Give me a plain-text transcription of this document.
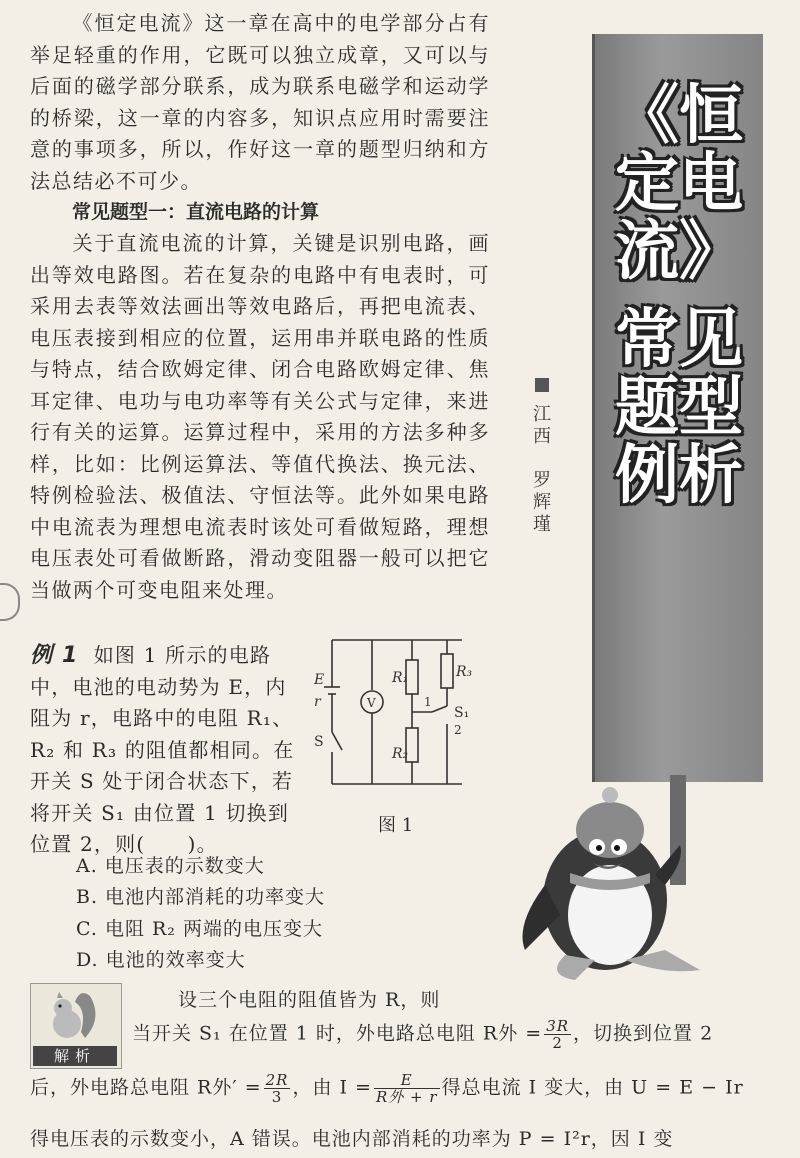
《恒定电流》这一章在高中的电学部分占有举足轻重的作用，它既可以独立成章，又可以与后面的磁学部分联系，成为联系电磁学和运动学的桥梁，这一章的内容多，知识点应用时需要注意的事项多，所以，作好这一章的题型归纳和方法总结必不可少。

常见题型一：直流电路的计算

关于直流电流的计算，关键是识别电路，画出等效电路图。若在复杂的电路中有电表时，可采用去表等效法画出等效电路后，再把电流表、电压表接到相应的位置，运用串并联电路的性质与特点，结合欧姆定律、闭合电路欧姆定律、焦耳定律、电功与电功率等有关公式与定律，来进行有关的运算。运算过程中，采用的方法多种多样，比如：比例运算法、等值代换法、换元法、特例检验法、极值法、守恒法等。此外如果电路中电流表为理想电流表时该处可看做短路，理想电压表处可看做断路，滑动变阻器一般可以把它当做两个可变电阻来处理。

《恒
定电
流》
常见
题型
例析
江
西
罗
辉
瑾

例 1 如图 1 所示的电路中，电池的电动势为 E，内阻为 r，电路中的电阻 R₁、R₂ 和 R₃ 的阻值都相同。在开关 S 处于闭合状态下，若将开关 S₁ 由位置 1 切换到位置 2，则(　　)。

A. 电压表的示数变大
B. 电池内部消耗的功率变大
C. 电阻 R₂ 两端的电压变大
D. 电池的效率变大
E
r
S
V
R₁
R₂
R₃
S₁
1
2
图 1
解析
设三个电阻的阻值皆为 R，则
当开关 S₁ 在位置 1 时，外电路总电阻 R外 = $\frac{3R}{2}$ ，切换到位置 2
后，外电路总电阻 R外′ = $\frac{2R}{3}$ ，由 $I = \frac{E}{\text{R外 + r}}$ 得总电流 I 变大，由 U = E − Ir
得电压表的示数变小，A 错误。电池内部消耗的功率为 P = I²r，因 I 变
